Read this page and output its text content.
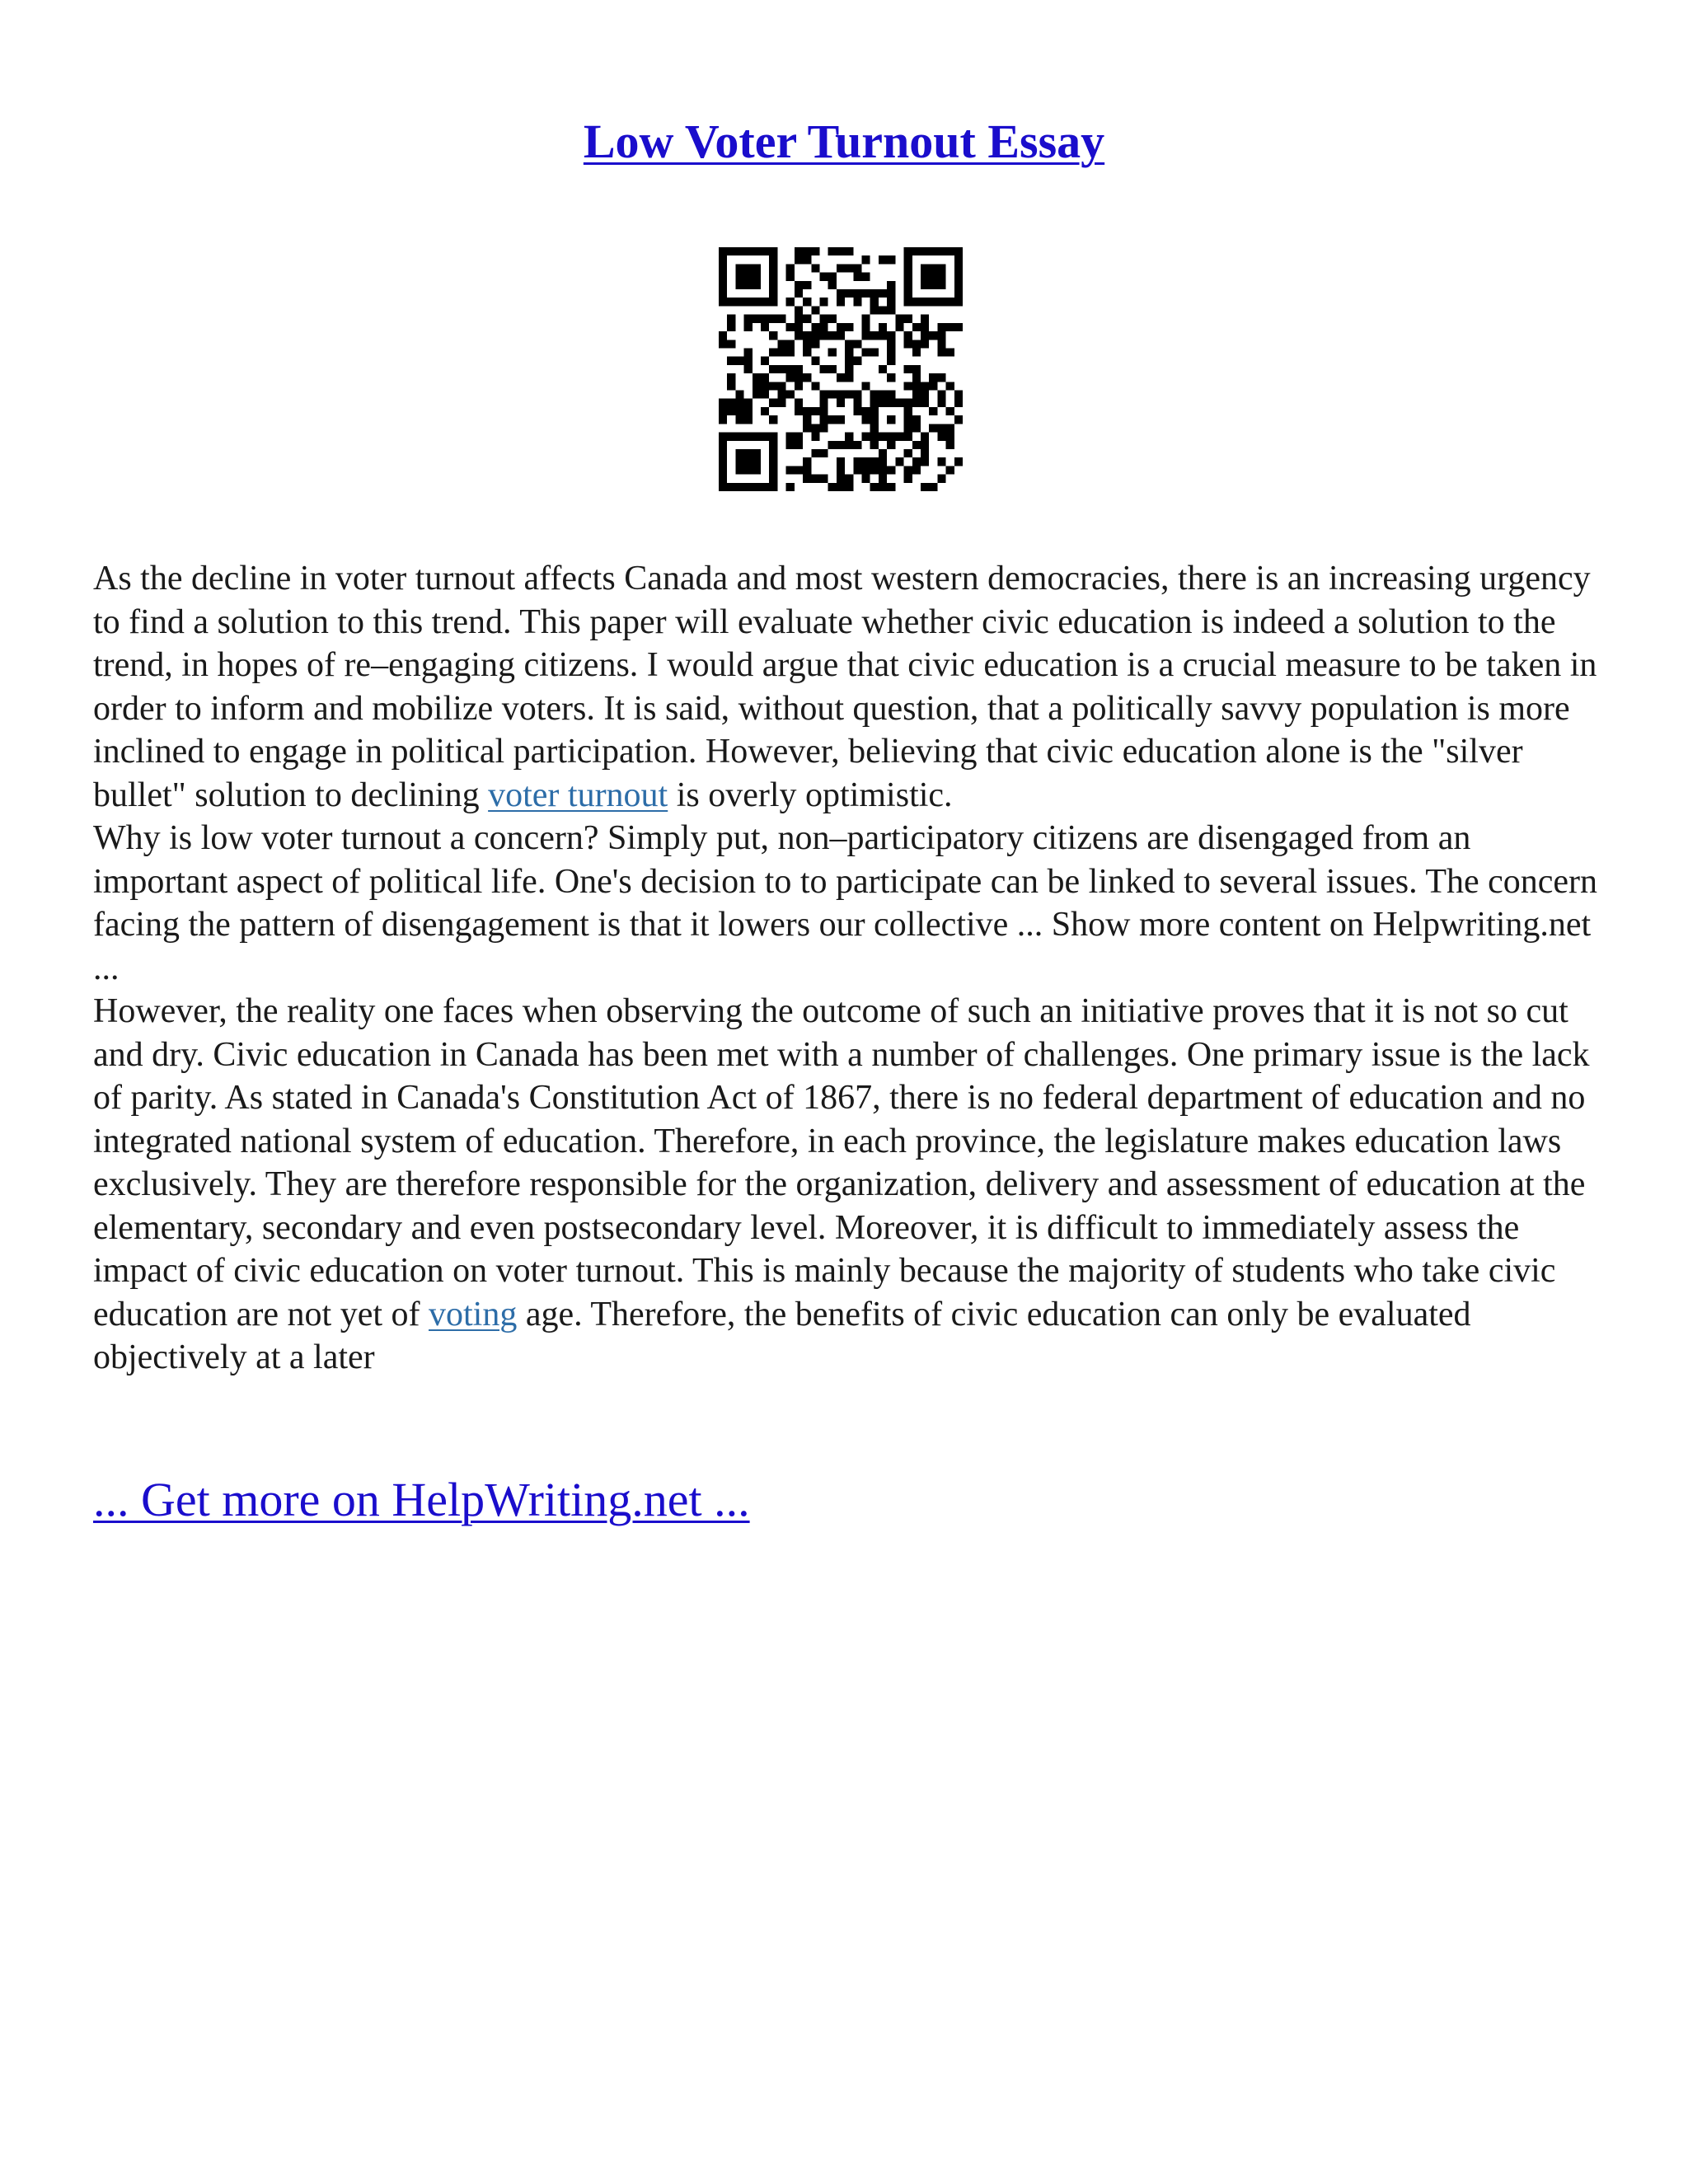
Low Voter Turnout Essay

As the decline in voter turnout affects Canada and most western democracies, there is an increasing urgency to find a solution to this trend. This paper will evaluate whether civic education is indeed a solution to the trend, in hopes of re–engaging citizens. I would argue that civic education is a crucial measure to be taken in order to inform and mobilize voters. It is said, without question, that a politically savvy population is more inclined to engage in political participation. However, believing that civic education alone is the "silver bullet" solution to declining voter turnout is overly optimistic.

Why is low voter turnout a concern? Simply put, non–participatory citizens are disengaged from an important aspect of political life. One's decision to to participate can be linked to several issues. The concern facing the pattern of disengagement is that it lowers our collective ... Show more content on Helpwriting.net ...

However, the reality one faces when observing the outcome of such an initiative proves that it is not so cut and dry. Civic education in Canada has been met with a number of challenges. One primary issue is the lack of parity. As stated in Canada's Constitution Act of 1867, there is no federal department of education and no integrated national system of education. Therefore, in each province, the legislature makes education laws exclusively. They are therefore responsible for the organization, delivery and assessment of education at the elementary, secondary and even postsecondary level. Moreover, it is difficult to immediately assess the impact of civic education on voter turnout. This is mainly because the majority of students who take civic education are not yet of voting age. Therefore, the benefits of civic education can only be evaluated objectively at a later

... Get more on HelpWriting.net ...
